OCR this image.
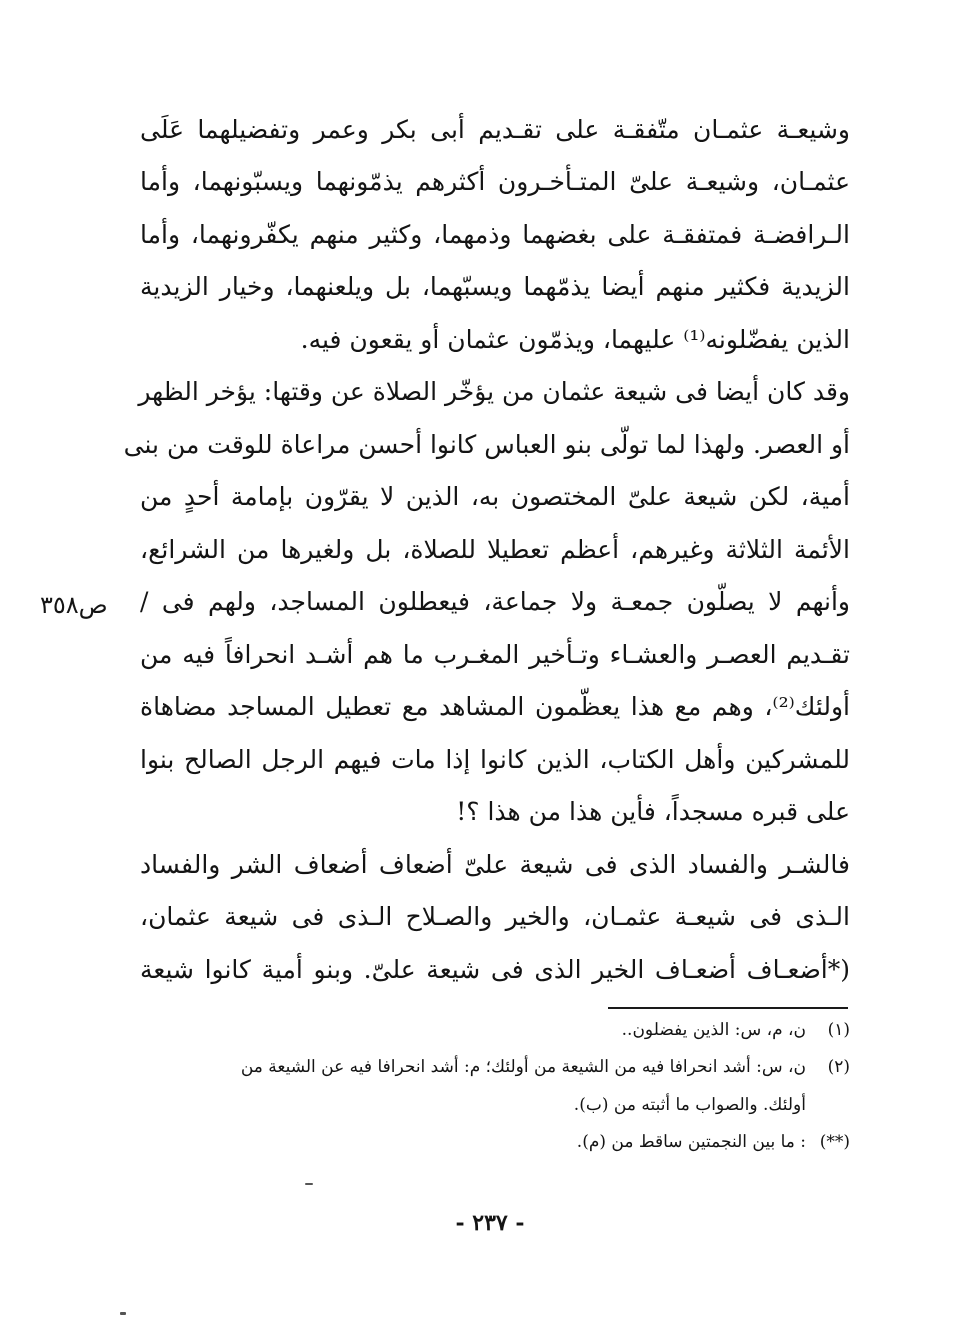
وشيعـة عثمـان متّفقـة على تقـديم أبى بكر وعمر وتفضيلهما عَلَى
عثمـان، وشيعـة علىّ المتـأخـرون أكثرهم يذمّونهما ويسبّونهما، وأما
الـرافضـة فمتفقـة على بغضهما وذمهما، وكثير منهم يكفّرونهما، وأما
الزيدية فكثير منهم أيضا يذمّهما ويسبّهما، بل ويلعنهما، وخيار الزيدية
الذين يفضّلونه⁽¹⁾ عليهما، ويذمّون عثمان أو يقعون فيه.
وقد كان أيضا فى شيعة عثمان من يؤخّر الصلاة عن وقتها: يؤخر الظهر
أو العصر. ولهذا لما تولّى بنو العباس كانوا أحسن مراعاة للوقت من بنى
أمية، لكن شيعة علىّ المختصون به، الذين لا يقرّون بإمامة أحدٍ من
الأئمة الثلاثة وغيرهم، أعظم تعطيلا للصلاة، بل ولغيرها من الشرائع،
وأنهم لا يصلّون جمعـة ولا جماعة، فيعطلون المساجد، ولهم فى /
تقـديم العصـر والعشـاء وتـأخير المغـرب ما هم أشـد انحرافاً فيه من
أولئك⁽²⁾، وهم مع هذا يعظّمون المشاهد مع تعطيل المساجد مضاهاة
للمشركين وأهل الكتاب، الذين كانوا إذا مات فيهم الرجل الصالح بنوا
على قبره مسجداً، فأين هذا من هذا ؟!
فالشـر والفساد الذى فى شيعة علىّ أضعاف أضعاف الشر والفساد
الـذى فى شيعـة عثمـان، والخير والصـلاح الـذى فى شيعة عثمان،
(*أضعـاف أضعـاف الخير الذى فى شيعة علىّ. وبنو أمية كانوا شيعة
ص٣٥٨
(١)ن، م، س: الذين يفضلون..
(٢)ن، س: أشد انحرافا فيه من الشيعة من أولئك؛ م: أشد انحرافا فيه عن الشيعة من
أولئك. والصواب ما أثبته من (ب).
(**): ما بين النجمتين ساقط من (م).
- ٢٣٧ -
